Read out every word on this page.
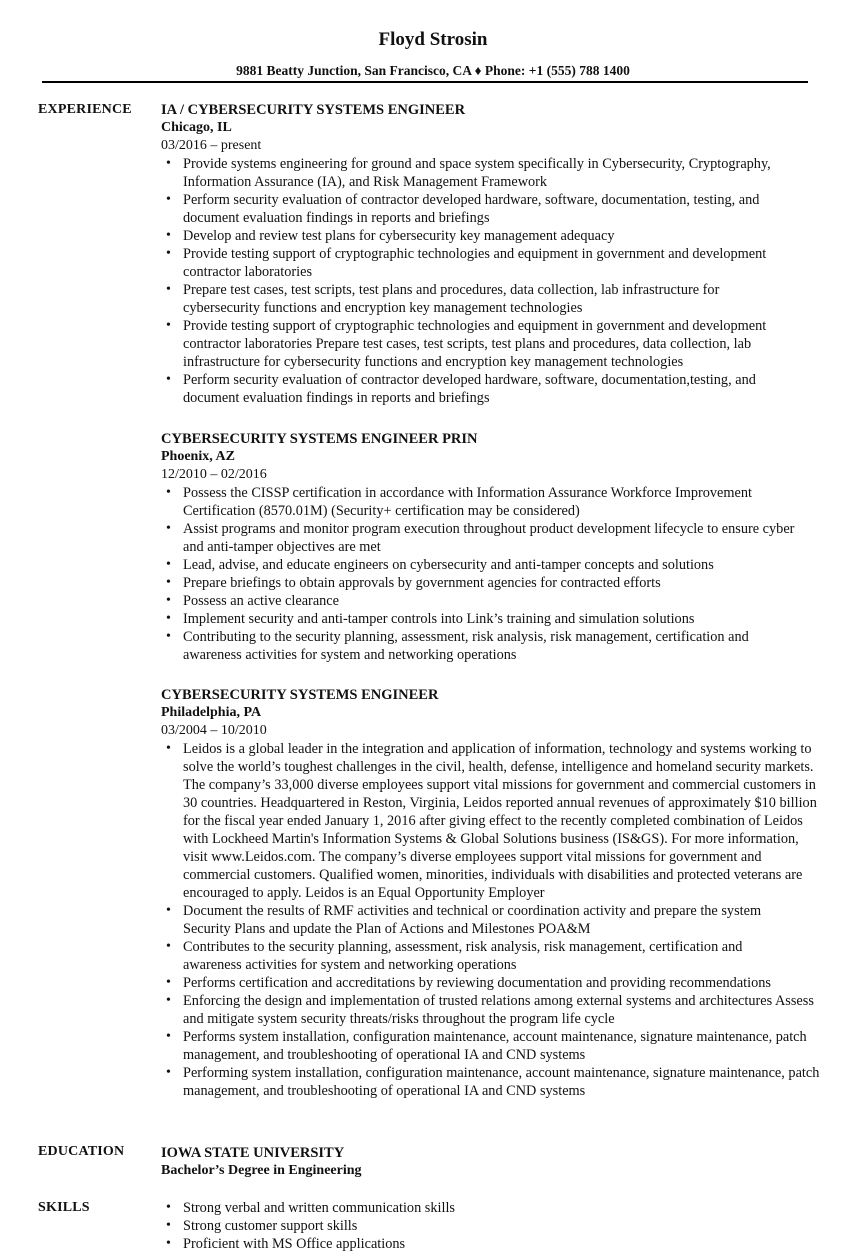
Floyd Strosin
9881 Beatty Junction, San Francisco, CA ♦ Phone: +1 (555) 788 1400
EXPERIENCE IA / CYBERSECURITY SYSTEMS ENGINEER
Chicago, IL
03/2016 – present
• Provide systems engineering for ground and space system specifically in Cybersecurity, Cryptography, Information Assurance (IA), and Risk Management Framework
• Perform security evaluation of contractor developed hardware, software, documentation, testing, and document evaluation findings in reports and briefings
• Develop and review test plans for cybersecurity key management adequacy
• Provide testing support of cryptographic technologies and equipment in government and development contractor laboratories
• Prepare test cases, test scripts, test plans and procedures, data collection, lab infrastructure for cybersecurity functions and encryption key management technologies
• Provide testing support of cryptographic technologies and equipment in government and development contractor laboratories Prepare test cases, test scripts, test plans and procedures, data collection, lab infrastructure for cybersecurity functions and encryption key management technologies
• Perform security evaluation of contractor developed hardware, software, documentation,testing, and document evaluation findings in reports and briefings
CYBERSECURITY SYSTEMS ENGINEER PRIN
Phoenix, AZ
12/2010 – 02/2016
• Possess the CISSP certification in accordance with Information Assurance Workforce Improvement Certification (8570.01M) (Security+ certification may be considered)
• Assist programs and monitor program execution throughout product development lifecycle to ensure cyber and anti-tamper objectives are met
• Lead, advise, and educate engineers on cybersecurity and anti-tamper concepts and solutions
• Prepare briefings to obtain approvals by government agencies for contracted efforts
• Possess an active clearance
• Implement security and anti-tamper controls into Link’s training and simulation solutions
• Contributing to the security planning, assessment, risk analysis, risk management, certification and awareness activities for system and networking operations
CYBERSECURITY SYSTEMS ENGINEER
Philadelphia, PA
03/2004 – 10/2010
• Leidos is a global leader in the integration and application of information, technology and systems working to solve the world’s toughest challenges in the civil, health, defense, intelligence and homeland security markets. The company’s 33,000 diverse employees support vital missions for government and commercial customers in 30 countries. Headquartered in Reston, Virginia, Leidos reported annual revenues of approximately $10 billion for the fiscal year ended January 1, 2016 after giving effect to the recently completed combination of Leidos with Lockheed Martin's Information Systems & Global Solutions business (IS&GS). For more information, visit www.Leidos.com. The company’s diverse employees support vital missions for government and commercial customers. Qualified women, minorities, individuals with disabilities and protected veterans are encouraged to apply. Leidos is an Equal Opportunity Employer
• Document the results of RMF activities and technical or coordination activity and prepare the system Security Plans and update the Plan of Actions and Milestones POA&M
• Contributes to the security planning, assessment, risk analysis, risk management, certification and awareness activities for system and networking operations
• Performs certification and accreditations by reviewing documentation and providing recommendations
• Enforcing the design and implementation of trusted relations among external systems and architectures Assess and mitigate system security threats/risks throughout the program life cycle
• Performs system installation, configuration maintenance, account maintenance, signature maintenance, patch management, and troubleshooting of operational IA and CND systems
• Performing system installation, configuration maintenance, account maintenance, signature maintenance, patch management, and troubleshooting of operational IA and CND systems
EDUCATION	IOWA STATE UNIVERSITY
Bachelor’s Degree in Engineering
SKILLS
•	Strong verbal and written communication skills
• Strong customer support skills
• Proficient with MS Office applications
